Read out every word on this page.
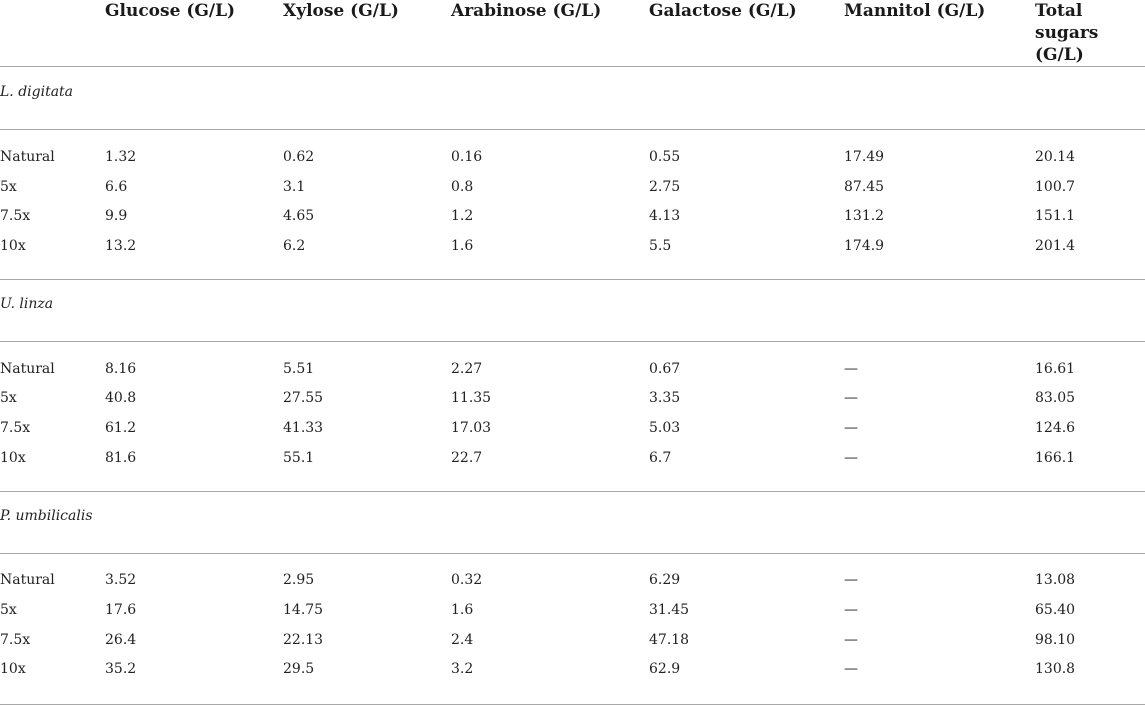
	Glucose (G/L)	Xylose (G/L)	Arabinose (G/L)	Galactose (G/L)	Mannitol (G/L)	Total sugars (G/L)
L. digitata						

Natural	1.32	0.62	0.16	0.55	17.49	20.14
5x	6.6	3.1	0.8	2.75	87.45	100.7
7.5x	9.9	4.65	1.2	4.13	131.2	151.1
10x	13.2	6.2	1.6	5.5	174.9	201.4

U. linza						

Natural	8.16	5.51	2.27	0.67	—	16.61
5x	40.8	27.55	11.35	3.35	—	83.05
7.5x	61.2	41.33	17.03	5.03	—	124.6
10x	81.6	55.1	22.7	6.7	—	166.1

P. umbilicalis						

Natural	3.52	2.95	0.32	6.29	—	13.08
5x	17.6	14.75	1.6	31.45	—	65.40
7.5x	26.4	22.13	2.4	47.18	—	98.10
10x	35.2	29.5	3.2	62.9	—	130.8
